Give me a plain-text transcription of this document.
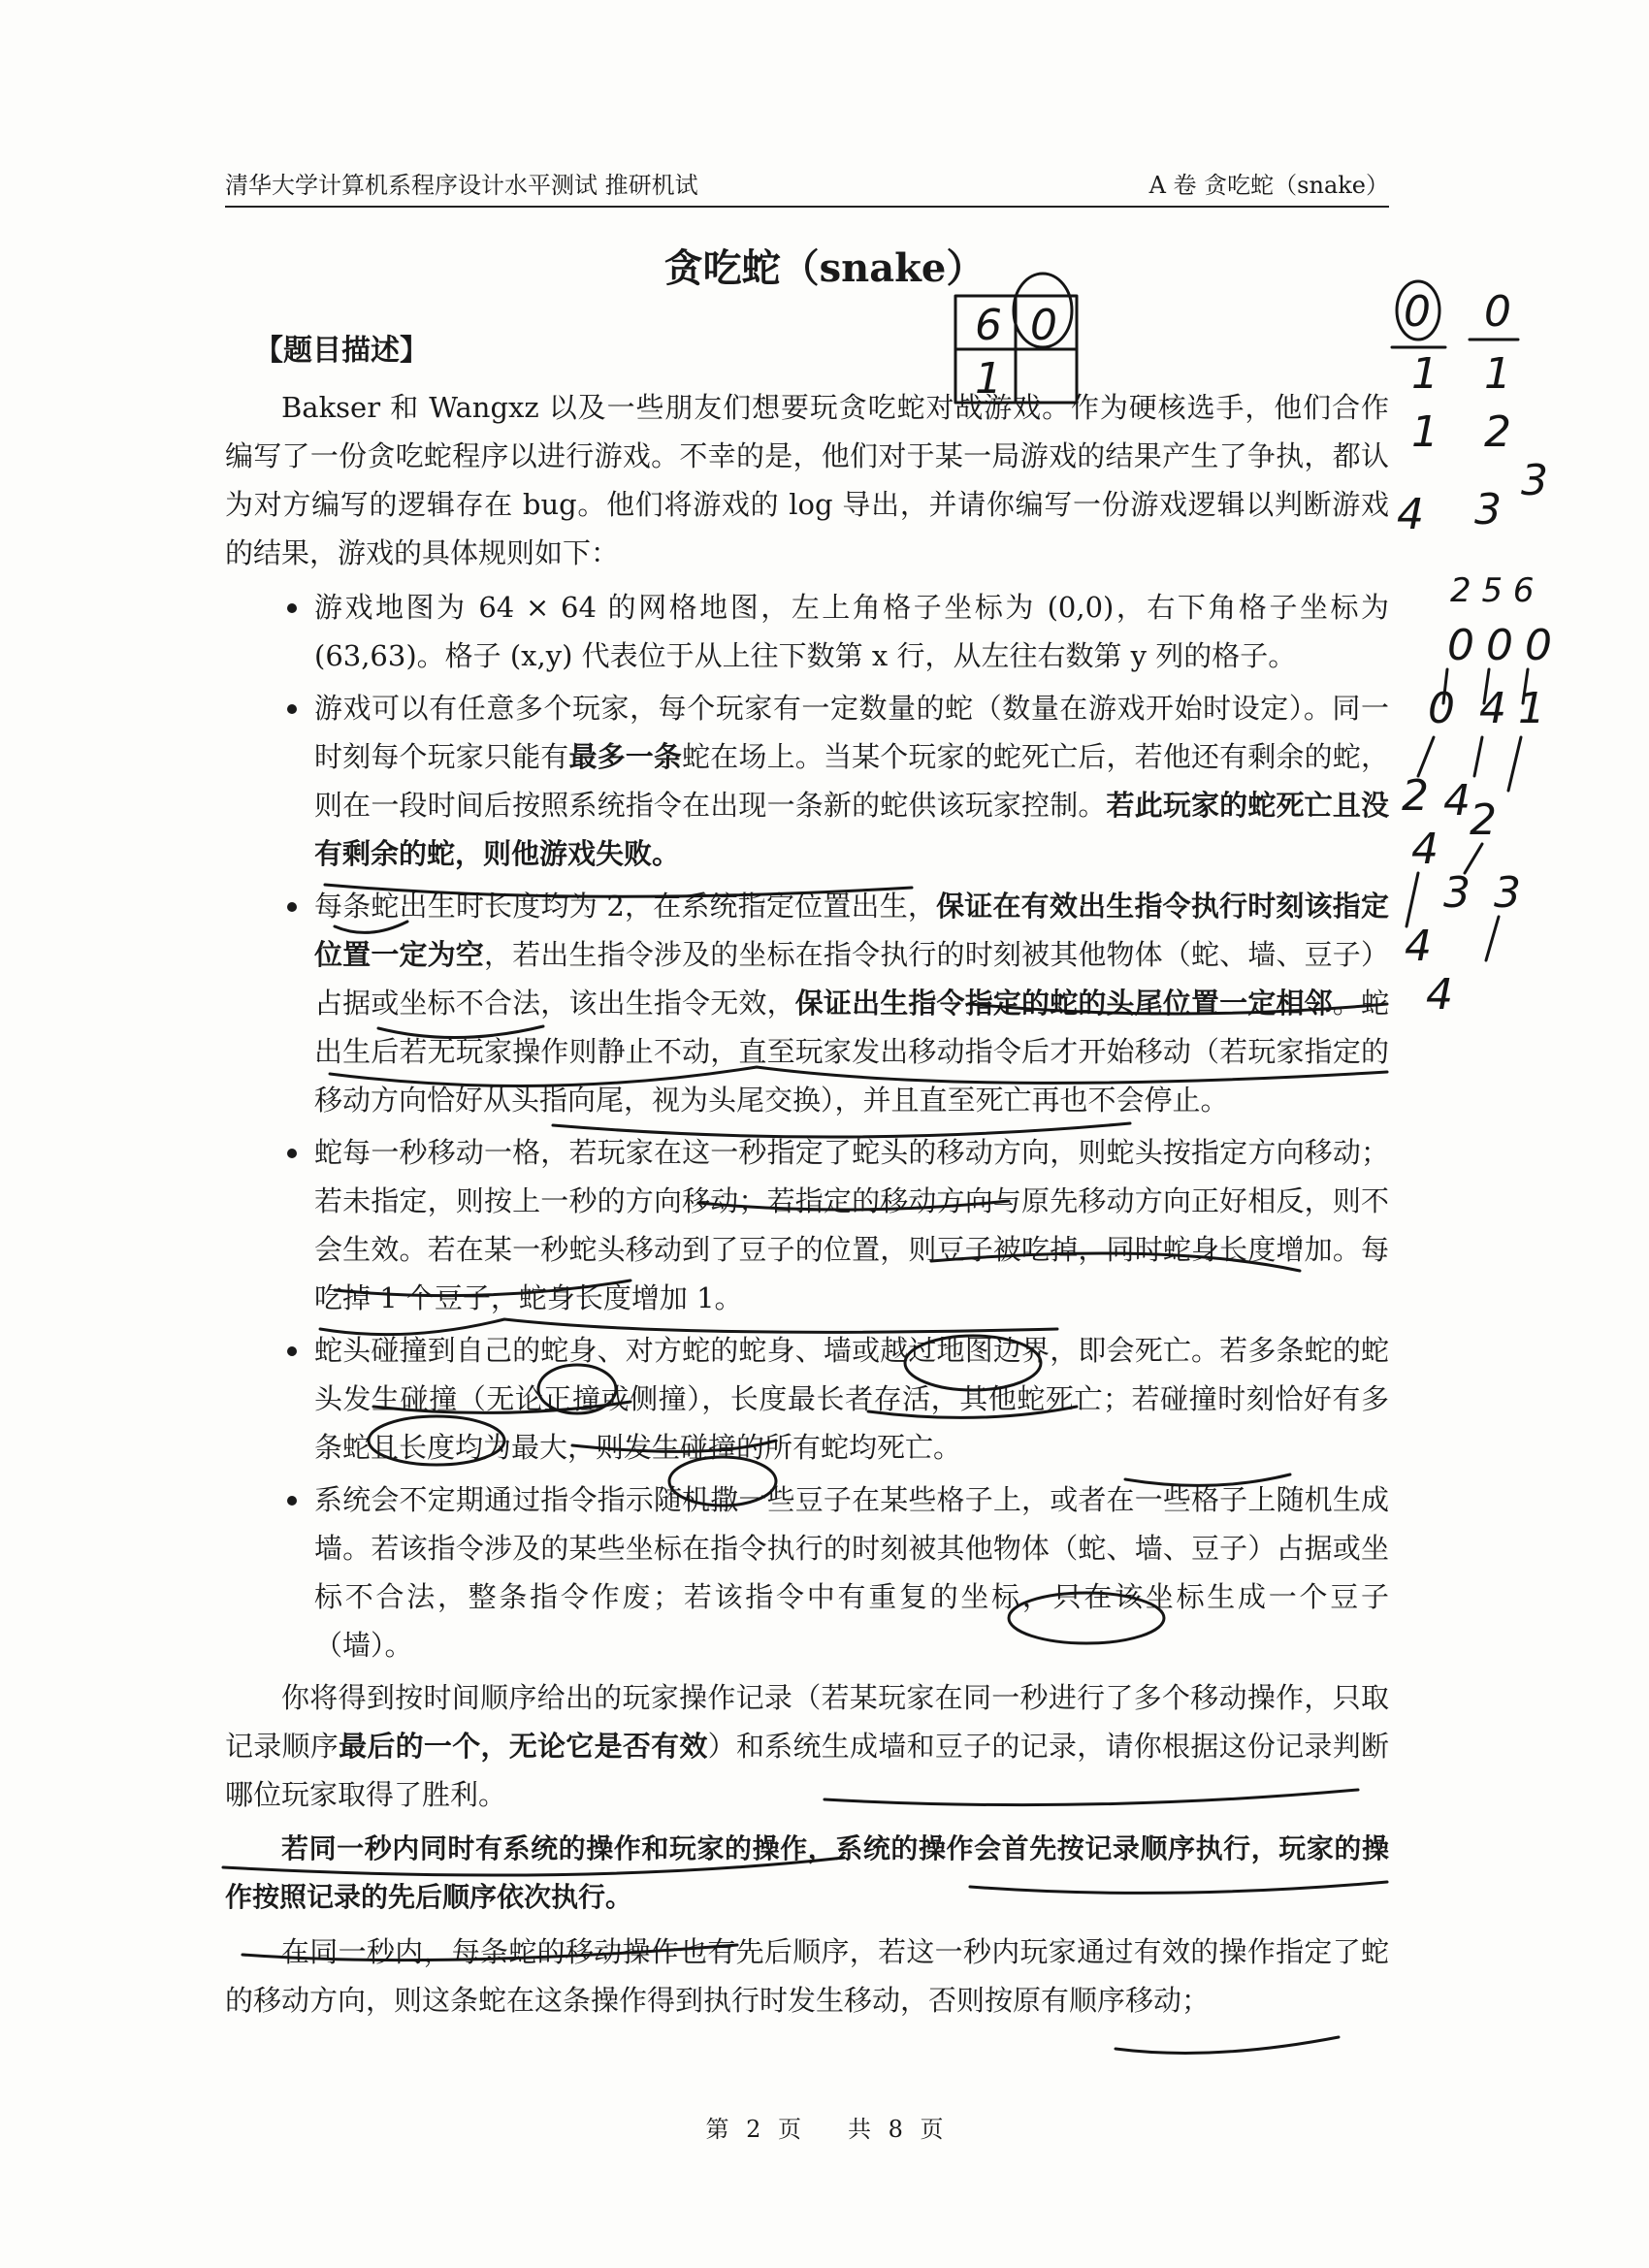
清华大学计算机系程序设计水平测试 推研机试	A 卷 贪吃蛇（snake）
贪吃蛇（snake）
【题目描述】

Bakser 和 Wangxz 以及一些朋友们想要玩贪吃蛇对战游戏。作为硬核选手，他们合作编写了一份贪吃蛇程序以进行游戏。不幸的是，他们对于某一局游戏的结果产生了争执，都认为对方编写的逻辑存在 bug。他们将游戏的 log 导出，并请你编写一份游戏逻辑以判断游戏的结果，游戏的具体规则如下：

游戏地图为 64 × 64 的网格地图，左上角格子坐标为 (0,0)，右下角格子坐标为 (63,63)。格子 (x,y) 代表位于从上往下数第 x 行，从左往右数第 y 列的格子。
游戏可以有任意多个玩家，每个玩家有一定数量的蛇（数量在游戏开始时设定）。同一时刻每个玩家只能有最多一条蛇在场上。当某个玩家的蛇死亡后，若他还有剩余的蛇，则在一段时间后按照系统指令在出现一条新的蛇供该玩家控制。若此玩家的蛇死亡且没有剩余的蛇，则他游戏失败。
每条蛇出生时长度均为 2，在系统指定位置出生，保证在有效出生指令执行时刻该指定位置一定为空，若出生指令涉及的坐标在指令执行的时刻被其他物体（蛇、墙、豆子）占据或坐标不合法，该出生指令无效，保证出生指令指定的蛇的头尾位置一定相邻。蛇出生后若无玩家操作则静止不动，直至玩家发出移动指令后才开始移动（若玩家指定的移动方向恰好从头指向尾，视为头尾交换），并且直至死亡再也不会停止。
蛇每一秒移动一格，若玩家在这一秒指定了蛇头的移动方向，则蛇头按指定方向移动；若未指定，则按上一秒的方向移动；若指定的移动方向与原先移动方向正好相反，则不会生效。若在某一秒蛇头移动到了豆子的位置，则豆子被吃掉，同时蛇身长度增加。每吃掉 1 个豆子，蛇身长度增加 1。
蛇头碰撞到自己的蛇身、对方蛇的蛇身、墙或越过地图边界，即会死亡。若多条蛇的蛇头发生碰撞（无论正撞或侧撞），长度最长者存活，其他蛇死亡；若碰撞时刻恰好有多条蛇且长度均为最大，则发生碰撞的所有蛇均死亡。
系统会不定期通过指令指示随机撒一些豆子在某些格子上，或者在一些格子上随机生成墙。若该指令涉及的某些坐标在指令执行的时刻被其他物体（蛇、墙、豆子）占据或坐标不合法，整条指令作废；若该指令中有重复的坐标，只在该坐标生成一个豆子（墙）。

你将得到按时间顺序给出的玩家操作记录（若某玩家在同一秒进行了多个移动操作，只取记录顺序最后的一个，无论它是否有效）和系统生成墙和豆子的记录，请你根据这份记录判断哪位玩家取得了胜利。

若同一秒内同时有系统的操作和玩家的操作，系统的操作会首先按记录顺序执行，玩家的操作按照记录的先后顺序依次执行。

在同一秒内，每条蛇的移动操作也有先后顺序，若这一秒内玩家通过有效的操作指定了蛇的移动方向，则这条蛇在这条操作得到执行时发生移动，否则按原有顺序移动；

第 2 页　　共 8 页
6 0
1
0 0
1 1
1 2
4 3
3
2 5 6
0 0 0
0 4 1
2 4 2
4
3 3
4
4
